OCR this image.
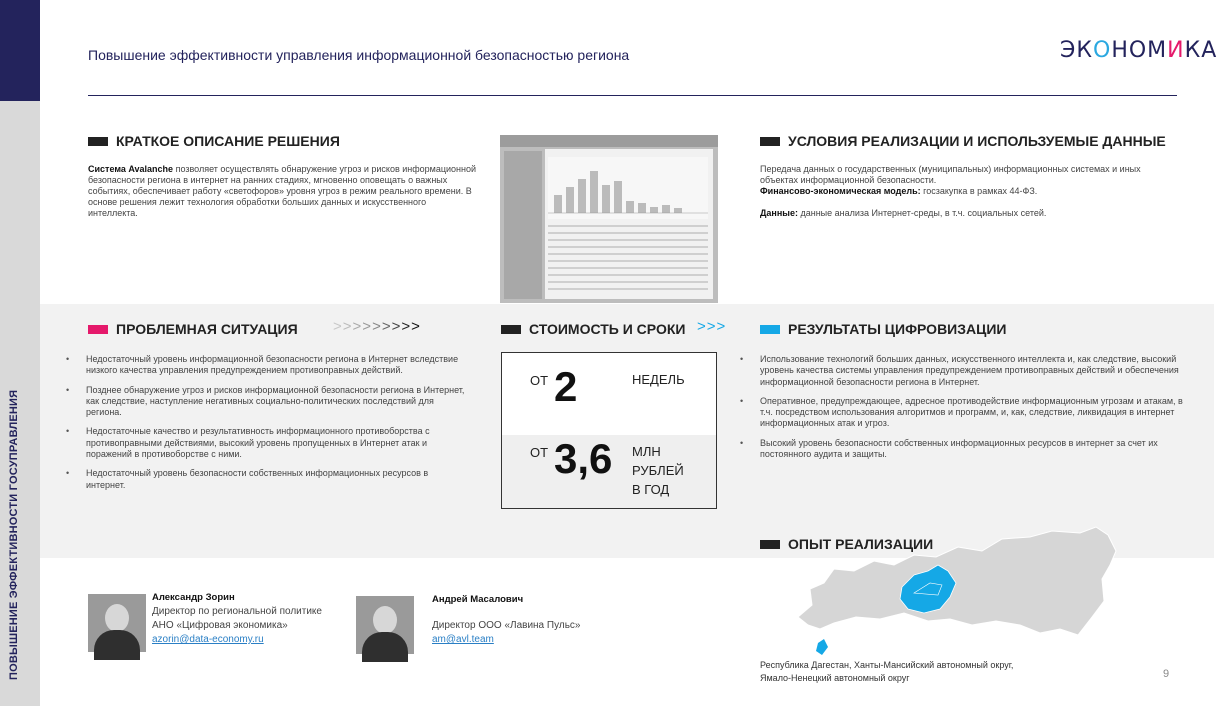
ПОВЫШЕНИЕ ЭФФЕКТИВНОСТИ ГОСУПРАВЛЕНИЯ
Повышение эффективности управления информационной безопасностью региона	ЭКОНОМИКА
КРАТКОЕ ОПИСАНИЕ РЕШЕНИЯ
Система Avalanche позволяет осуществлять обнаружение угроз и рисков информационной безопасности региона в интернет на ранних стадиях, мгновенно оповещать о важных событиях, обеспечивает работу «светофоров» уровня угроз в режим реального времени. В основе решения лежит технология обработки больших данных и искусственного интеллекта.
УСЛОВИЯ РЕАЛИЗАЦИИ И ИСПОЛЬЗУЕМЫЕ ДАННЫЕ
Передача данных о государственных (муниципальных) информационных системах и иных объектах информационной безопасности.
Финансово-экономическая модель: госзакупка в рамках 44-ФЗ.

Данные: данные анализа Интернет-среды, в т.ч. социальных сетей.
ПРОБЛЕМНАЯ СИТУАЦИЯ >>>>>>>>>
• Недостаточный уровень информационной безопасности региона в Интернет вследствие низкого качества управления предупреждением противоправных действий.
• Позднее обнаружение угроз и рисков информационной безопасности региона в Интернет, как следствие, наступление негативных социально-политических последствий для региона.
• Недостаточные качество и результативность информационного противоборства с противоправными действиями, высокий уровень пропущенных в Интернет атак и поражений в противоборстве с ними.
• Недостаточный уровень безопасности собственных информационных ресурсов в интернет.
СТОИМОСТЬ И СРОКИ >>>
ОТ 2	НЕДЕЛЬ
ОТ 3,6 МЛН
РУБЛЕЙ
В ГОД
РЕЗУЛЬТАТЫ ЦИФРОВИЗАЦИИ
• Использование технологий больших данных, искусственного интеллекта и, как следствие, высокий уровень качества системы управления предупреждением противоправных действий и обеспечения информационной безопасности региона в Интернет.
• Оперативное, предупреждающее, адресное противодействие информационным угрозам и атакам, в т.ч. посредством использования алгоритмов и программ, и, как, следствие, ликвидация в интернет информационных атак и угроз.
• Высокий уровень безопасности собственных информационных ресурсов в интернет за счет их постоянного аудита и защиты.
ОПЫТ РЕАЛИЗАЦИИ
Республика Дагестан, Ханты-Мансийский автономный округ,
Ямало-Ненецкий автономный округ
Александр Зорин
Директор по региональной политике
АНО «Цифровая экономика»
azorin@data-economy.ru
Андрей Масалович
Директор ООО «Лавина Пульс»
am@avl.team
9
